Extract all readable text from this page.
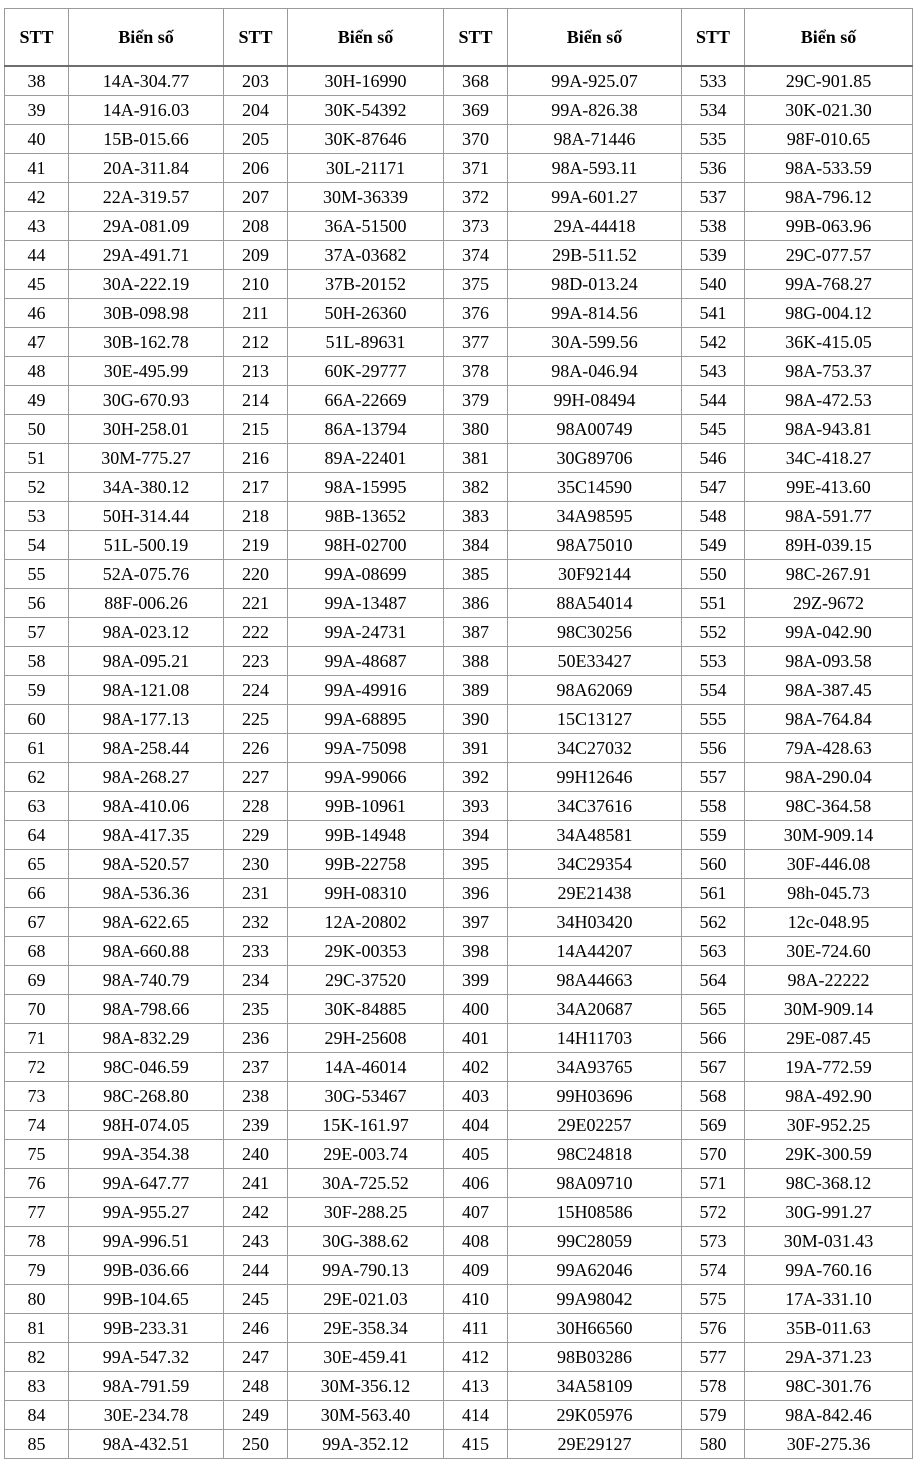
STT	Biển số	STT	Biển số	STT	Biển số	STT	Biển số
38	14A-304.77	203	30H-16990	368	99A-925.07	533	29C-901.85
39	14A-916.03	204	30K-54392	369	99A-826.38	534	30K-021.30
40	15B-015.66	205	30K-87646	370	98A-71446	535	98F-010.65
41	20A-311.84	206	30L-21171	371	98A-593.11	536	98A-533.59
42	22A-319.57	207	30M-36339	372	99A-601.27	537	98A-796.12
43	29A-081.09	208	36A-51500	373	29A-44418	538	99B-063.96
44	29A-491.71	209	37A-03682	374	29B-511.52	539	29C-077.57
45	30A-222.19	210	37B-20152	375	98D-013.24	540	99A-768.27
46	30B-098.98	211	50H-26360	376	99A-814.56	541	98G-004.12
47	30B-162.78	212	51L-89631	377	30A-599.56	542	36K-415.05
48	30E-495.99	213	60K-29777	378	98A-046.94	543	98A-753.37
49	30G-670.93	214	66A-22669	379	99H-08494	544	98A-472.53
50	30H-258.01	215	86A-13794	380	98A00749	545	98A-943.81
51	30M-775.27	216	89A-22401	381	30G89706	546	34C-418.27
52	34A-380.12	217	98A-15995	382	35C14590	547	99E-413.60
53	50H-314.44	218	98B-13652	383	34A98595	548	98A-591.77
54	51L-500.19	219	98H-02700	384	98A75010	549	89H-039.15
55	52A-075.76	220	99A-08699	385	30F92144	550	98C-267.91
56	88F-006.26	221	99A-13487	386	88A54014	551	29Z-9672
57	98A-023.12	222	99A-24731	387	98C30256	552	99A-042.90
58	98A-095.21	223	99A-48687	388	50E33427	553	98A-093.58
59	98A-121.08	224	99A-49916	389	98A62069	554	98A-387.45
60	98A-177.13	225	99A-68895	390	15C13127	555	98A-764.84
61	98A-258.44	226	99A-75098	391	34C27032	556	79A-428.63
62	98A-268.27	227	99A-99066	392	99H12646	557	98A-290.04
63	98A-410.06	228	99B-10961	393	34C37616	558	98C-364.58
64	98A-417.35	229	99B-14948	394	34A48581	559	30M-909.14
65	98A-520.57	230	99B-22758	395	34C29354	560	30F-446.08
66	98A-536.36	231	99H-08310	396	29E21438	561	98h-045.73
67	98A-622.65	232	12A-20802	397	34H03420	562	12c-048.95
68	98A-660.88	233	29K-00353	398	14A44207	563	30E-724.60
69	98A-740.79	234	29C-37520	399	98A44663	564	98A-22222
70	98A-798.66	235	30K-84885	400	34A20687	565	30M-909.14
71	98A-832.29	236	29H-25608	401	14H11703	566	29E-087.45
72	98C-046.59	237	14A-46014	402	34A93765	567	19A-772.59
73	98C-268.80	238	30G-53467	403	99H03696	568	98A-492.90
74	98H-074.05	239	15K-161.97	404	29E02257	569	30F-952.25
75	99A-354.38	240	29E-003.74	405	98C24818	570	29K-300.59
76	99A-647.77	241	30A-725.52	406	98A09710	571	98C-368.12
77	99A-955.27	242	30F-288.25	407	15H08586	572	30G-991.27
78	99A-996.51	243	30G-388.62	408	99C28059	573	30M-031.43
79	99B-036.66	244	99A-790.13	409	99A62046	574	99A-760.16
80	99B-104.65	245	29E-021.03	410	99A98042	575	17A-331.10
81	99B-233.31	246	29E-358.34	411	30H66560	576	35B-011.63
82	99A-547.32	247	30E-459.41	412	98B03286	577	29A-371.23
83	98A-791.59	248	30M-356.12	413	34A58109	578	98C-301.76
84	30E-234.78	249	30M-563.40	414	29K05976	579	98A-842.46
85	98A-432.51	250	99A-352.12	415	29E29127	580	30F-275.36
